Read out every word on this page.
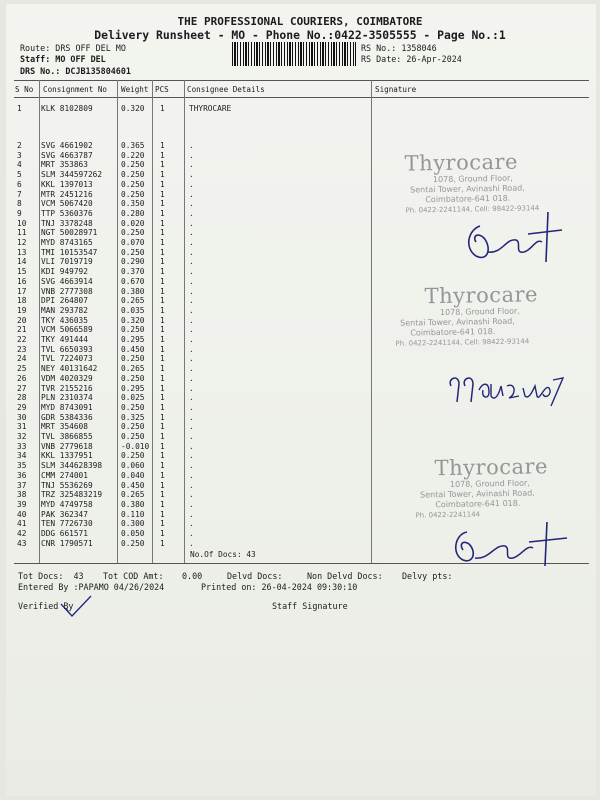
THE PROFESSIONAL COURIERS, COIMBATORE
Delivery Runsheet - MO - Phone No.:0422-3505555 - Page No.:1
Route: DRS OFF DEL MO
Staff: MO OFF DEL
DRS No.: DCJB135804601
RS No.: 1358046
RS Date: 26-Apr-2024
S No Consignment No Weight PCS Consignee Details	Signature
1 KLK 8102809	0.320 1	THYROCARE
2 SVG 4661902	0.365 1	.
3 SVG 4663787	0.220 1	.
4 MRT 353863	0.250 1	.
5 SLM 344597262 0.250 1	.
6 KKL 1397013	0.250 1	.
7 MTR 2451216	0.250 1	.
8 VCM 5067420	0.350 1	.
9 TTP 5360376	0.280 1	.
10 TNJ 3378248	0.020 1	.
11 NGT 50028971	0.250 1	.
12 MYD 8743165	0.070 1	.
13 TMI 10153547	0.250 1	.
14 VLI 7019719	0.290 1	.
15 KDI 949792	0.370 1	.
16 SVG 4663914	0.670 1	.
17 VNB 2777308	0.380 1	.
18 DPI 264807	0.265 1	.
19 MAN 293782	0.035 1	.
20 TKY 436035	0.320 1	.
21 VCM 5066589	0.250 1	.
22 TKY 491444	0.295 1	.
23 TVL 6650393	0.450 1	.
24 TVL 7224073	0.250 1	.
25 NEY 40131642	0.265 1	.
26 VDM 4020329	0.250 1	.
27 TVR 2155216	0.295 1	.
28 PLN 2310374	0.025 1	.
29 MYD 8743091	0.250 1	.
30 GDR 5384336	0.325 1	.
31 MRT 354608	0.250 1	.
32 TVL 3866855	0.250 1	.
33 VNB 2779618	-0.010 1	.
34 KKL 1337951	0.250 1	.
35 SLM 344628398 0.060 1	.
36 CMM 274001	0.040 1	.
37 TNJ 5536269	0.450 1	.
38 TRZ 325483219 0.265 1	.
39 MYD 4749758	0.380 1	.
40 PAK 362347	0.110 1	.
41 TEN 7726730	0.300 1	.
42 DDG 661571	0.050 1	.
43 CNR 1790571	0.250 1	.
No.Of Docs: 43
Tot Docs:  43 Tot COD Amt: 0.00	Delvd Docs:	Non Delvd Docs: Delvy pts:
Entered By :PAPAMO 04/26/2024	Printed on: 26-04-2024 09:30:10
Verified By	Staff Signature
Thyrocare
1078, Ground Floor,
Sentai Tower, Avinashi Road,
Coimbatore-641 018.
Ph. 0422-2241144, Cell: 98422-93144
Thyrocare
1078, Ground Floor,
Sentai Tower, Avinashi Road,
Coimbatore-641 018.
Ph. 0422-2241144, Cell: 98422-93144
Thyrocare
1078, Ground Floor,
Sentai Tower, Avinashi Road,
Coimbatore-641 018.
Ph. 0422-2241144
